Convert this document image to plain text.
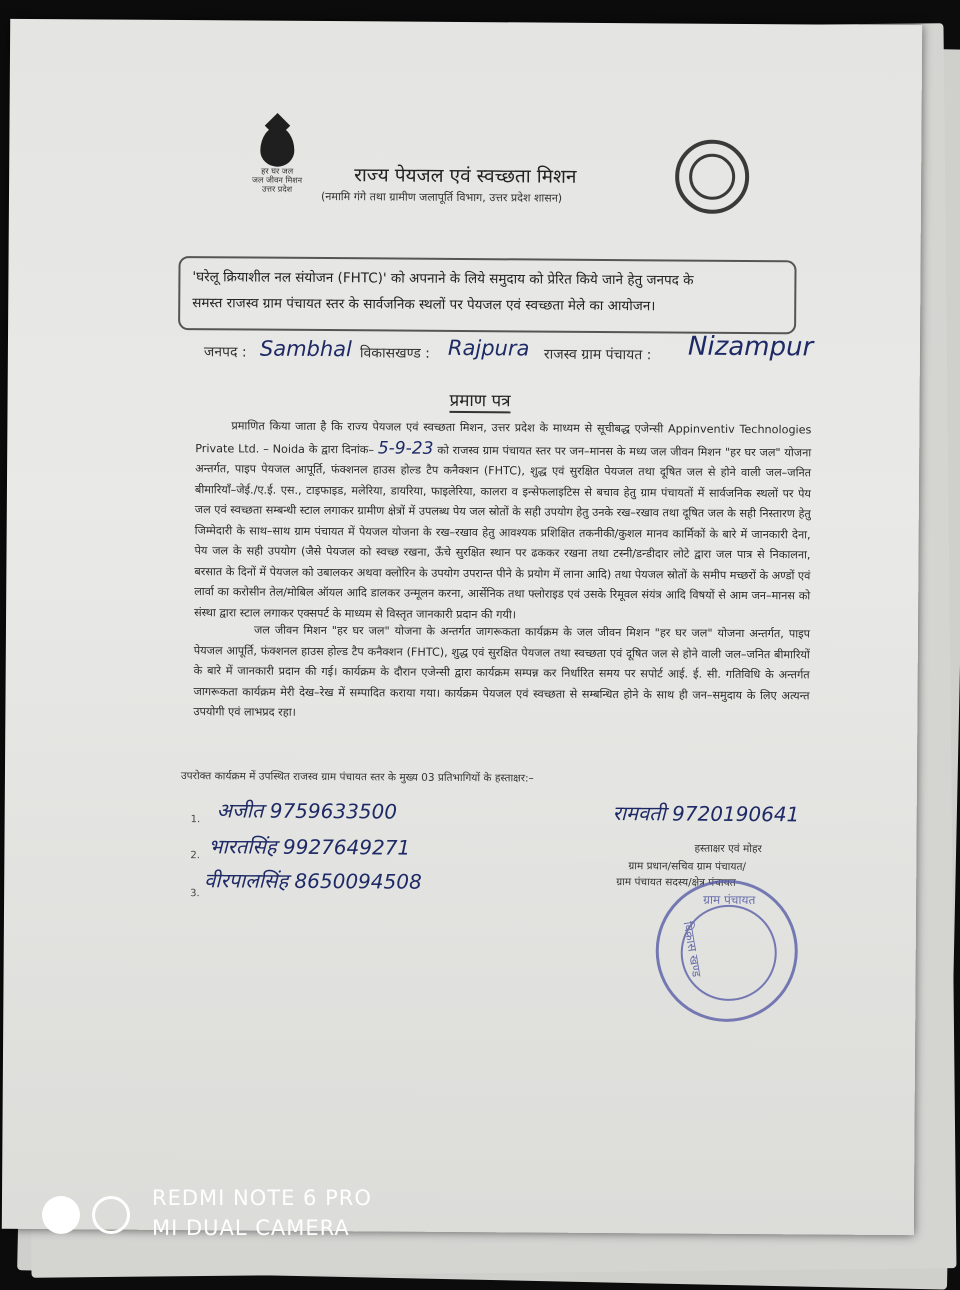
हर घर जल
जल जीवन मिशन
उत्तर प्रदेश
राज्य पेयजल एवं स्वच्छता मिशन
(नमामि गंगे तथा ग्रामीण जलापूर्ति विभाग, उत्तर प्रदेश शासन)
'घरेलू क्रियाशील नल संयोजन (FHTC)' को अपनाने के लिये समुदाय को प्रेरित किये जाने हेतु जनपद के
समस्त राजस्व ग्राम पंचायत स्तर के सार्वजनिक स्थलों पर पेयजल एवं स्वच्छता मेले का आयोजन।
जनपद : Sambhal विकासखण्ड : Rajpura राजस्व ग्राम पंचायत : Nizampur
प्रमाण पत्र
प्रमाणित किया जाता है कि राज्य पेयजल एवं स्वच्छता मिशन, उत्तर प्रदेश के माध्यम से सूचीबद्ध एजेन्सी Appinventiv Technologies Private Ltd. – Noida के द्वारा दिनांक– 5-9-23 को राजस्व ग्राम पंचायत स्तर पर जन–मानस के मध्य जल जीवन मिशन "हर घर जल" योजना अन्तर्गत, पाइप पेयजल आपूर्ति, फंक्शनल हाउस होल्ड टैप कनैक्शन (FHTC), शुद्ध एवं सुरक्षित पेयजल तथा दूषित जल से होने वाली जल–जनित बीमारियाँ–जेई./ए.ई. एस., टाइफाइड, मलेरिया, डायरिया, फाइलेरिया, कालरा व इन्सेफलाइटिस से बचाव हेतु ग्राम पंचायतों में सार्वजनिक स्थलों पर पेय जल एवं स्वच्छता सम्बन्धी स्टाल लगाकर ग्रामीण क्षेत्रों में उपलब्ध पेय जल स्रोतों के सही उपयोग हेतु उनके रख–रखाव तथा दूषित जल के सही निस्तारण हेतु जिम्मेदारी के साथ–साथ ग्राम पंचायत में पेयजल योजना के रख–रखाव हेतु आवश्यक प्रशिक्षित तकनीकी/कुशल मानव कार्मिकों के बारे में जानकारी देना, पेय जल के सही उपयोग (जैसे पेयजल को स्वच्छ रखना, ऊँचे सुरक्षित स्थान पर ढककर रखना तथा टस्नी/डन्डीदार लोटे द्वारा जल पात्र से निकालना, बरसात के दिनों में पेयजल को उबालकर अथवा क्लोरिन के उपयोग उपरान्त पीने के प्रयोग में लाना आदि) तथा पेयजल स्रोतों के समीप मच्छरों के अण्डों एवं लार्वा का करोसीन तेल/मोबिल ऑयल आदि डालकर उन्मूलन करना, आर्सेनिक तथा फ्लोराइड एवं उसके रिमूवल संयंत्र आदि विषयों से आम जन–मानस को संस्था द्वारा स्टाल लगाकर एक्सपर्ट के माध्यम से विस्तृत जानकारी प्रदान की गयी।
जल जीवन मिशन "हर घर जल" योजना के अन्तर्गत जागरूकता कार्यक्रम के जल जीवन मिशन "हर घर जल" योजना अन्तर्गत, पाइप पेयजल आपूर्ति, फंक्शनल हाउस होल्ड टैप कनैक्शन (FHTC), शुद्ध एवं सुरक्षित पेयजल तथा स्वच्छता एवं दूषित जल से होने वाली जल–जनित बीमारियों के बारे में जानकारी प्रदान की गई। कार्यक्रम के दौरान एजेन्सी द्वारा कार्यक्रम सम्पन्न कर निर्धारित समय पर सपोर्ट आई. ई. सी. गतिविधि के अन्तर्गत जागरूकता कार्यक्रम मेरी देख–रेख में सम्पादित कराया गया। कार्यक्रम पेयजल एवं स्वच्छता से सम्बन्धित होने के साथ ही जन–समुदाय के लिए अत्यन्त उपयोगी एवं लाभप्रद रहा।
उपरोक्त कार्यक्रम में उपस्थित राजस्व ग्राम पंचायत स्तर के मुख्य 03 प्रतिभागियों के हस्ताक्षर:–
1. अजीत 9759633500
2. भारतसिंह 9927649271
3. वीरपालसिंह 8650094508
रामवती 9720190641
हस्ताक्षर एवं मोहर
ग्राम प्रधान/सचिव ग्राम पंचायत/
ग्राम पंचायत सदस्य/क्षेत्र पंचायत
ग्राम पंचायत
विकास खण्ड
REDMI NOTE 6 PRO
MI DUAL CAMERA
